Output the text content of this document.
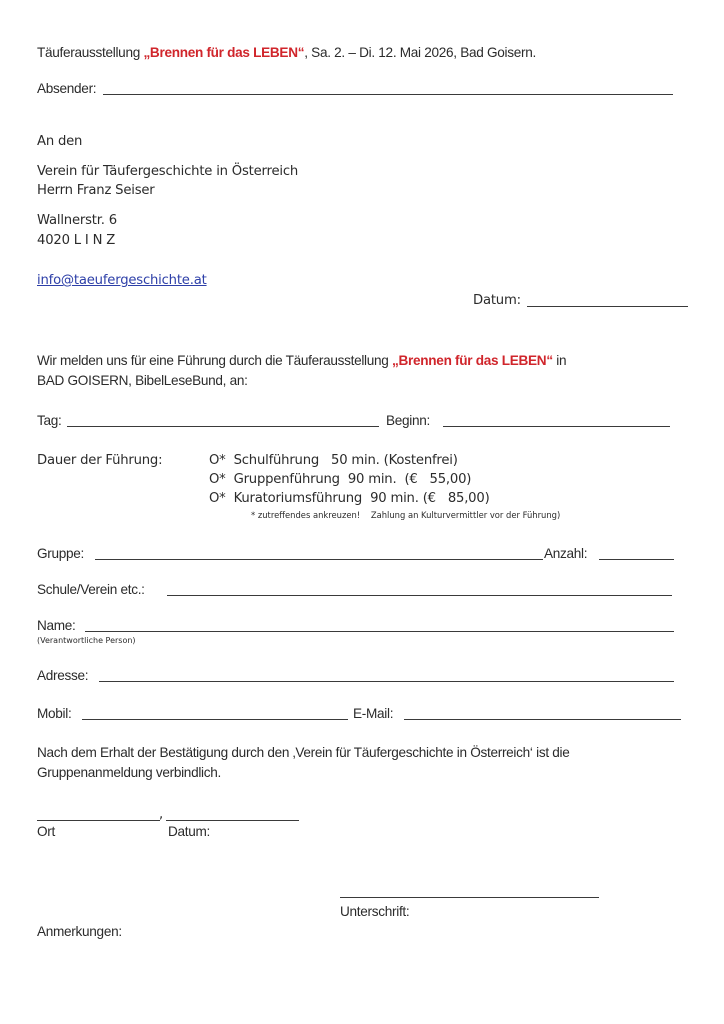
Täuferausstellung „Brennen für das LEBEN“, Sa. 2. – Di. 12. Mai 2026, Bad Goisern.
Absender:
An den
Verein für Täufergeschichte in Österreich
Herrn Franz Seiser
Wallnerstr. 6
4020 L I N Z
info@taeufergeschichte.at
Datum:
Wir melden uns für eine Führung durch die Täuferausstellung „Brennen für das LEBEN“ in
BAD GOISERN, BibelLeseBund, an:
Tag:	Beginn:
Dauer der Führung:	O* Schulführung 50 min. (Kostenfrei)
O* Gruppenführung 90 min.  (€   55,00)
O* Kuratoriumsführung 90 min. (€   85,00)
* zutreffendes ankreuzen!    Zahlung an Kulturvermittler vor der Führung)
Gruppe:	Anzahl:
Schule/Verein etc.:
Name:
(Verantwortliche Person)
Adresse:
Mobil:	E-Mail:
Nach dem Erhalt der Bestätigung durch den ‚Verein für Täufergeschichte in Österreich‘ ist die
Gruppenanmeldung verbindlich.
,
Ort	Datum:
Unterschrift:
Anmerkungen:
